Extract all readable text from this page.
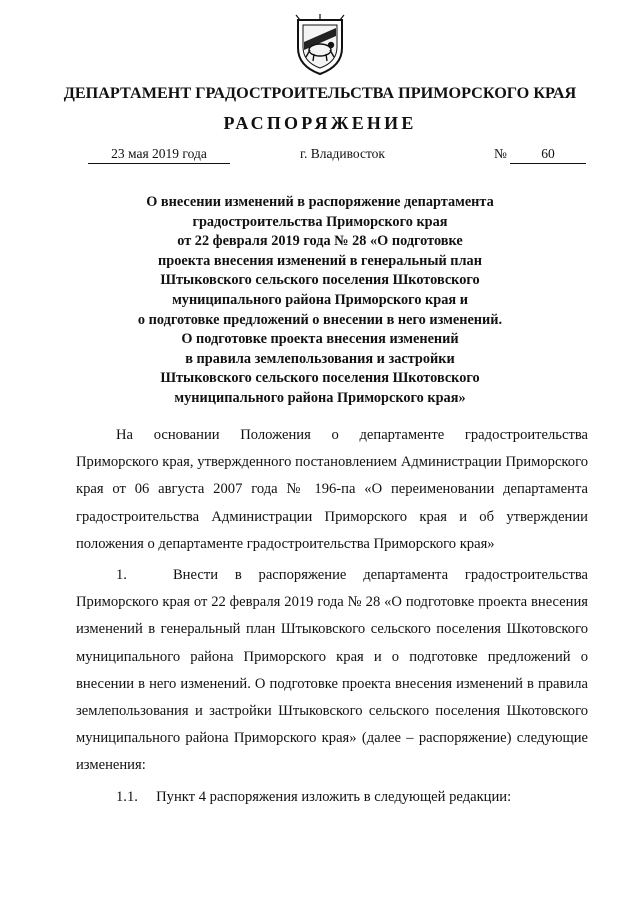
ДЕПАРТАМЕНТ ГРАДОСТРОИТЕЛЬСТВА ПРИМОРСКОГО КРАЯ
РАСПОРЯЖЕНИЕ
23 мая 2019 года	г. Владивосток	№	60
О внесении изменений в распоряжение департамента
градостроительства Приморского края
от 22 февраля 2019 года № 28 «О подготовке
проекта внесения изменений в генеральный план
Штыковского сельского поселения Шкотовского
муниципального района Приморского края и
о подготовке предложений о внесении в него изменений.
О подготовке проекта внесения изменений
в правила землепользования и застройки
Штыковского сельского поселения Шкотовского
муниципального района Приморского края»

На основании Положения о департаменте градостроительства Приморского края, утвержденного постановлением Администрации Приморского края от 06 августа 2007 года № 196-па «О переименовании департамента градостроительства Администрации Приморского края и об утверждении положения о департаменте градостроительства Приморского края»

1.   Внести в распоряжение департамента градостроительства Приморского края от 22 февраля 2019 года № 28 «О подготовке проекта внесения изменений в генеральный план Штыковского сельского поселения Шкотовского муниципального района Приморского края и о подготовке предложений о внесении в него изменений. О подготовке проекта внесения изменений в правила землепользования и застройки Штыковского сельского поселения Шкотовского муниципального района Приморского края» (далее – распоряжение) следующие изменения:

1.1.  Пункт 4 распоряжения изложить в следующей редакции:
